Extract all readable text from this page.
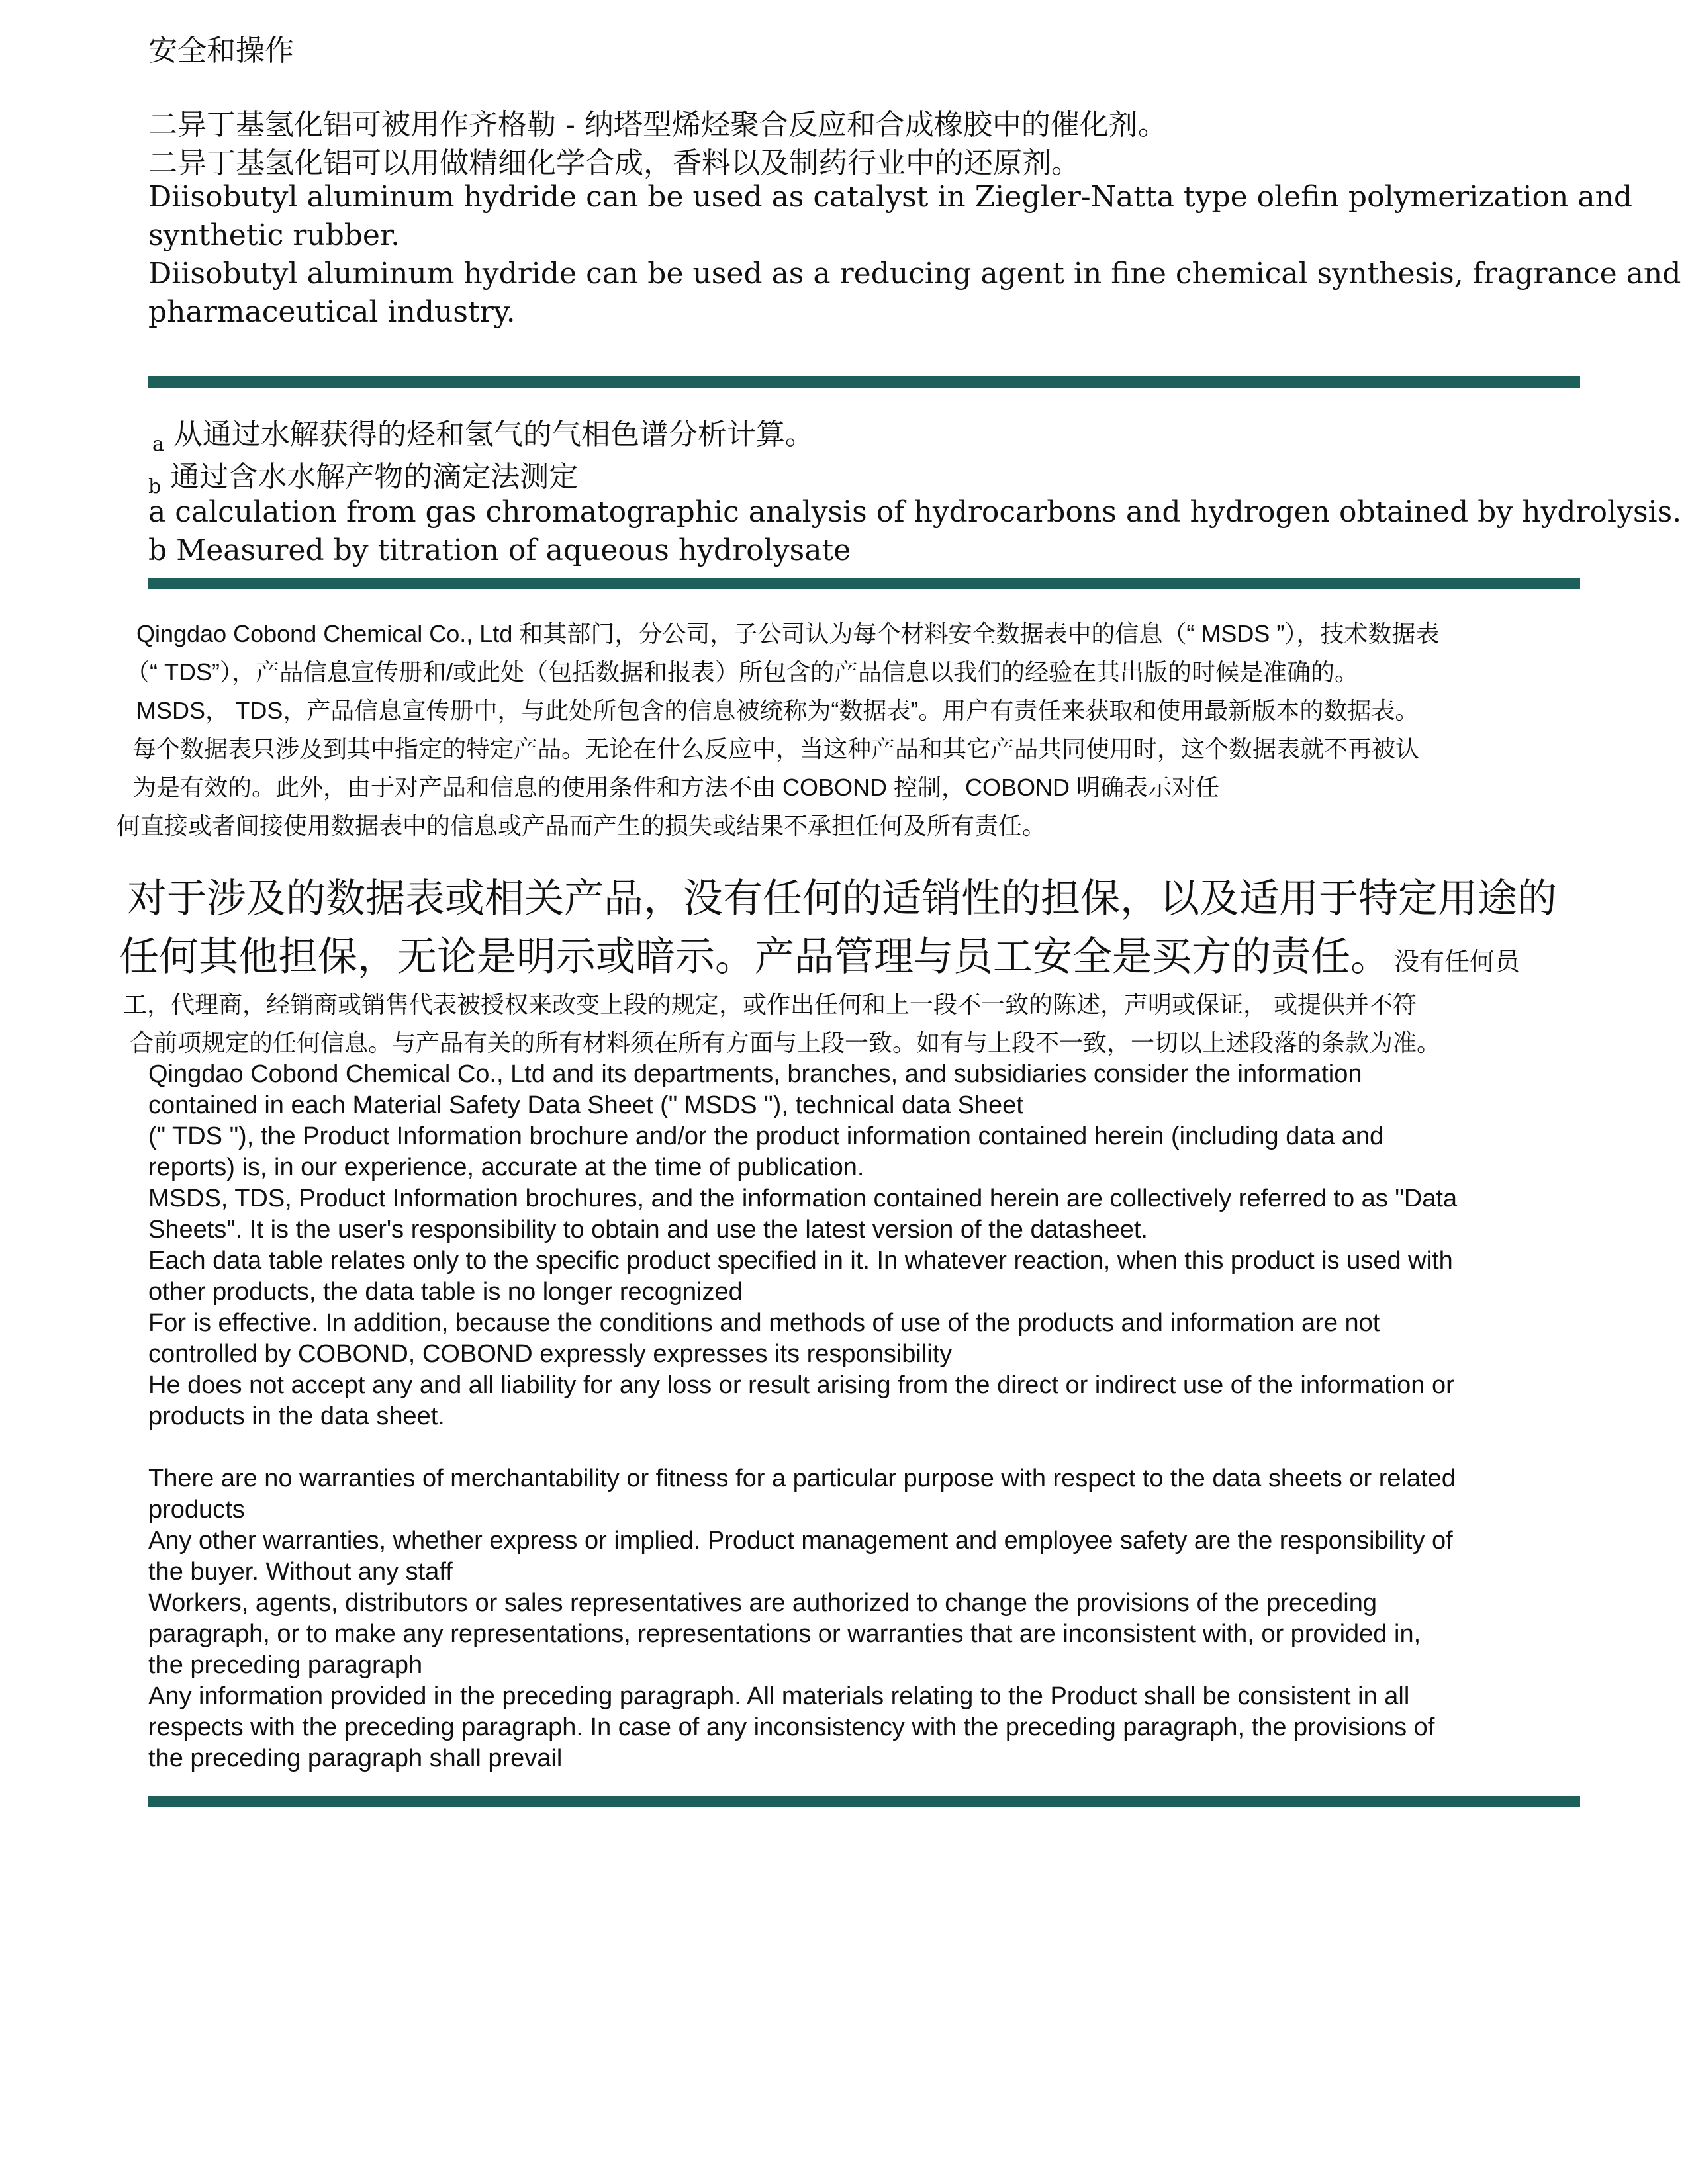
安全和操作
二异丁基氢化铝可被用作齐格勒 - 纳塔型烯烃聚合反应和合成橡胶中的催化剂。
二异丁基氢化铝可以用做精细化学合成，香料以及制药行业中的还原剂。
Diisobutyl aluminum hydride can be used as catalyst in Ziegler-Natta type olefin polymerization and
synthetic rubber.
Diisobutyl aluminum hydride can be used as a reducing agent in fine chemical synthesis, fragrance and
pharmaceutical industry.
$_a$ 从通过水解获得的烃和氢气的气相色谱分析计算。
$_b$ 通过含水水解产物的滴定法测定
a calculation from gas chromatographic analysis of hydrocarbons and hydrogen obtained by hydrolysis.
b Measured by titration of aqueous hydrolysate
Qingdao Cobond Chemical Co., Ltd 和其部门，分公司，子公司认为每个材料安全数据表中的信息（“ MSDS ”），技术数据表
（“ TDS”），产品信息宣传册和/或此处（包括数据和报表）所包含的产品信息以我们的经验在其出版的时候是准确的。
MSDS， TDS，产品信息宣传册中，与此处所包含的信息被统称为“数据表”。用户有责任来获取和使用最新版本的数据表。
每个数据表只涉及到其中指定的特定产品。无论在什么反应中，当这种产品和其它产品共同使用时，这个数据表就不再被认
为是有效的。此外，由于对产品和信息的使用条件和方法不由 COBOND 控制，COBOND 明确表示对任
何直接或者间接使用数据表中的信息或产品而产生的损失或结果不承担任何及所有责任。
对于涉及的数据表或相关产品，没有任何的适销性的担保，以及适用于特定用途的
任何其他担保，无论是明示或暗示。产品管理与员工安全是买方的责任。 没有任何员
工，代理商，经销商或销售代表被授权来改变上段的规定，或作出任何和上一段不一致的陈述，声明或保证， 或提供并不符
合前项规定的任何信息。与产品有关的所有材料须在所有方面与上段一致。如有与上段不一致，一切以上述段落的条款为准。
Qingdao Cobond Chemical Co., Ltd and its departments, branches, and subsidiaries consider the information
contained in each Material Safety Data Sheet (" MSDS "), technical data Sheet
(" TDS "), the Product Information brochure and/or the product information contained herein (including data and
reports) is, in our experience, accurate at the time of publication.
MSDS, TDS, Product Information brochures, and the information contained herein are collectively referred to as "Data
Sheets". It is the user's responsibility to obtain and use the latest version of the datasheet.
Each data table relates only to the specific product specified in it. In whatever reaction, when this product is used with
other products, the data table is no longer recognized
For is effective. In addition, because the conditions and methods of use of the products and information are not
controlled by COBOND, COBOND expressly expresses its responsibility
He does not accept any and all liability for any loss or result arising from the direct or indirect use of the information or
products in the data sheet.
There are no warranties of merchantability or fitness for a particular purpose with respect to the data sheets or related
products
Any other warranties, whether express or implied. Product management and employee safety are the responsibility of
the buyer. Without any staff
Workers, agents, distributors or sales representatives are authorized to change the provisions of the preceding
paragraph, or to make any representations, representations or warranties that are inconsistent with, or provided in,
the preceding paragraph
Any information provided in the preceding paragraph. All materials relating to the Product shall be consistent in all
respects with the preceding paragraph. In case of any inconsistency with the preceding paragraph, the provisions of
the preceding paragraph shall prevail
